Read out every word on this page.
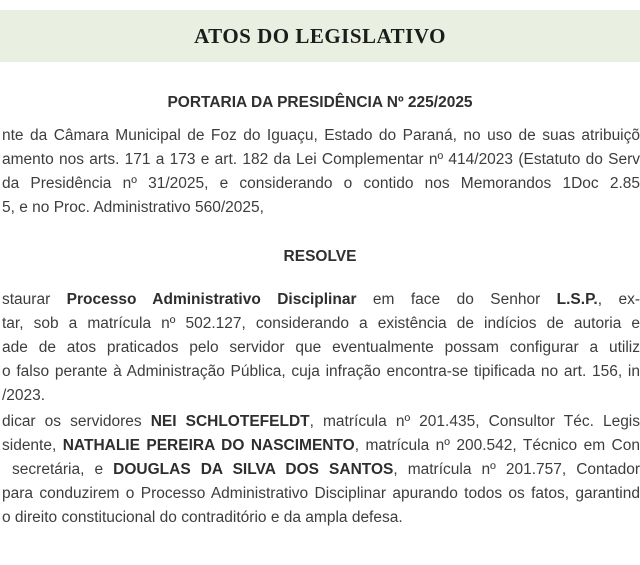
ATOS DO LEGISLATIVO
PORTARIA DA PRESIDÊNCIA Nº 225/2025
nte da Câmara Municipal de Foz do Iguaçu, Estado do Paraná, no uso de suas atribuiçõ
amento nos arts. 171 a 173 e art. 182 da Lei Complementar nº 414/2023 (Estatuto do Serv
da Presidência nº 31/2025, e considerando o contido nos Memorandos 1Doc 2.85
5, e no Proc. Administrativo 560/2025,
RESOLVE
staurar Processo Administrativo Disciplinar em face do Senhor L.S.P., ex-
tar, sob a matrícula nº 502.127, considerando a existência de indícios de autoria e
ade de atos praticados pelo servidor que eventualmente possam configurar a utiliz
o falso perante à Administração Pública, cuja infração encontra-se tipificada no art. 156, in
/2023.
dicar os servidores NEI SCHLOTEFELDT, matrícula nº 201.435, Consultor Téc. Legis
sidente, NATHALIE PEREIRA DO NASCIMENTO, matrícula nº 200.542, Técnico em Con
secretária, e DOUGLAS DA SILVA DOS SANTOS, matrícula nº 201.757, Contador
para conduzirem o Processo Administrativo Disciplinar apurando todos os fatos, garantind
o direito constitucional do contraditório e da ampla defesa.
